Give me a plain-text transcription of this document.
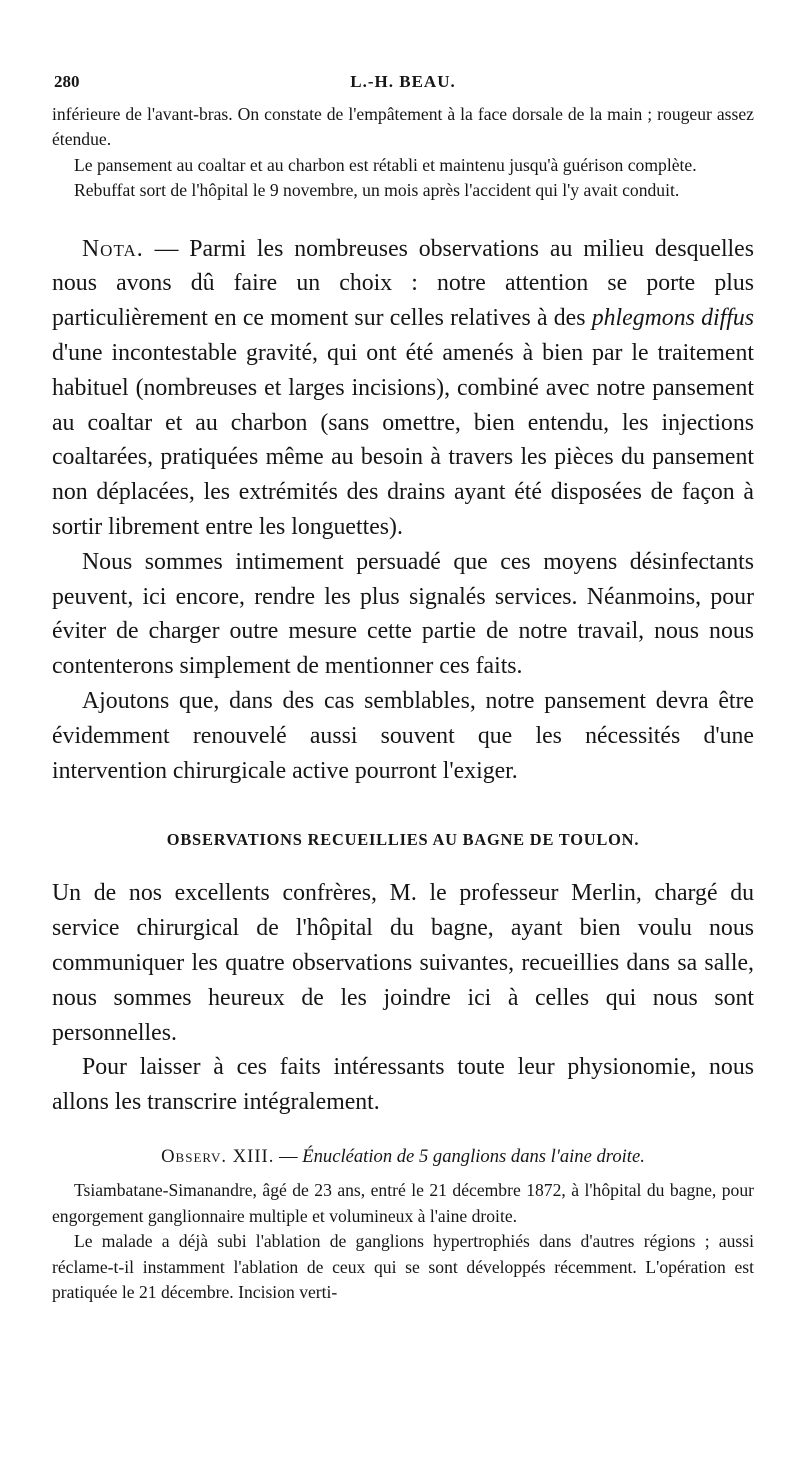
280	L.-H. BEAU.

inférieure de l'avant-bras. On constate de l'empâtement à la face dorsale de la main ; rougeur assez étendue.

Le pansement au coaltar et au charbon est rétabli et maintenu jusqu'à guérison complète.

Rebuffat sort de l'hôpital le 9 novembre, un mois après l'accident qui l'y avait conduit.

Nota. — Parmi les nombreuses observations au milieu desquelles nous avons dû faire un choix : notre attention se porte plus particulièrement en ce moment sur celles relatives à des phlegmons diffus d'une incontestable gravité, qui ont été amenés à bien par le traitement habituel (nombreuses et larges incisions), combiné avec notre pansement au coaltar et au charbon (sans omettre, bien entendu, les injections coaltarées, pratiquées même au besoin à travers les pièces du pansement non déplacées, les extrémités des drains ayant été disposées de façon à sortir librement entre les longuettes).

Nous sommes intimement persuadé que ces moyens désinfectants peuvent, ici encore, rendre les plus signalés services. Néanmoins, pour éviter de charger outre mesure cette partie de notre travail, nous nous contenterons simplement de mentionner ces faits.

Ajoutons que, dans des cas semblables, notre pansement devra être évidemment renouvelé aussi souvent que les nécessités d'une intervention chirurgicale active pourront l'exiger.

OBSERVATIONS RECUEILLIES AU BAGNE DE TOULON.

Un de nos excellents confrères, M. le professeur Merlin, chargé du service chirurgical de l'hôpital du bagne, ayant bien voulu nous communiquer les quatre observations suivantes, recueillies dans sa salle, nous sommes heureux de les joindre ici à celles qui nous sont personnelles.

Pour laisser à ces faits intéressants toute leur physionomie, nous allons les transcrire intégralement.

Observ. XIII. — Énucléation de 5 ganglions dans l'aine droite.

Tsiambatane-Simanandre, âgé de 23 ans, entré le 21 décembre 1872, à l'hôpital du bagne, pour engorgement ganglionnaire multiple et volumineux à l'aine droite.

Le malade a déjà subi l'ablation de ganglions hypertrophiés dans d'autres régions ; aussi réclame-t-il instamment l'ablation de ceux qui se sont développés récemment. L'opération est pratiquée le 21 décembre. Incision verti-
